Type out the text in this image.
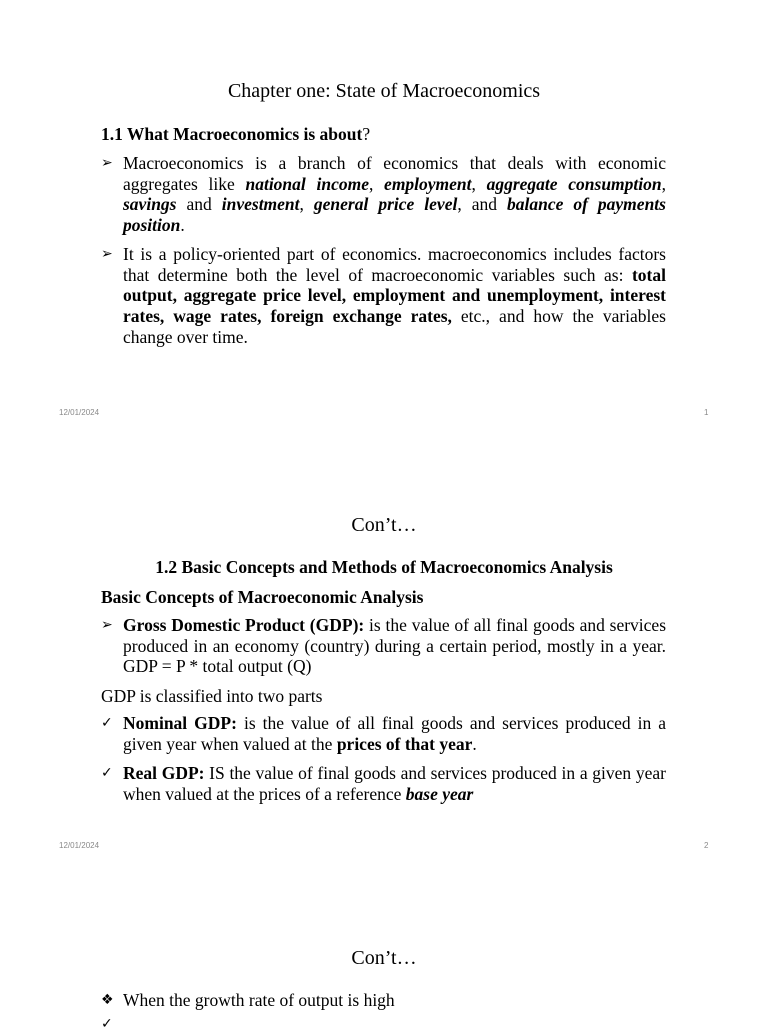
Chapter one: State of Macroeconomics
1.1 What Macroeconomics is about?
➢ Macroeconomics is a branch of economics that deals with economic aggregates like national income, employment, aggregate consumption, savings and investment, general price level, and balance of payments position.
➢ It is a policy-oriented part of economics. macroeconomics includes factors that determine both the level of macroeconomic variables such as: total output, aggregate price level, employment and unemployment, interest rates, wage rates, foreign exchange rates, etc., and how the variables change over time.
12/01/2024	1
Con’t…
1.2 Basic Concepts and Methods of Macroeconomics Analysis
Basic Concepts of Macroeconomic Analysis
➢ Gross Domestic Product (GDP): is the value of all final goods and services produced in an economy (country) during a certain period, mostly in a year. GDP = P * total output (Q)
GDP is classified into two parts
✓ Nominal GDP: is the value of all final goods and services produced in a given year when valued at the prices of that year.
✓ Real GDP: IS the value of final goods and services produced in a given year when valued at the prices of a reference base year
12/01/2024	2
Con’t…
❖ When the growth rate of output is high
✓
